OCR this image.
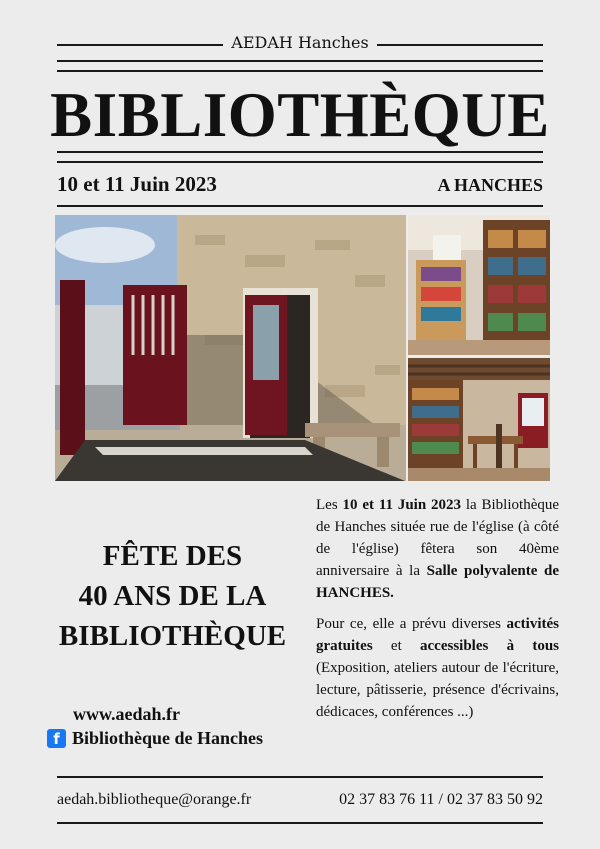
AEDAH Hanches
BIBLIOTHÈQUE
10 et 11 Juin 2023	A HANCHES
FÊTE DES
40 ANS DE LA
BIBLIOTHÈQUE

Les 10 et 11 Juin 2023 la Bibliothèque de Hanches située rue de l'église (à côté de l'église) fêtera son 40ème anniversaire à la Salle polyvalente de HANCHES.

Pour ce, elle a prévu diverses activités gratuites et accessibles à tous (Exposition, ateliers autour de l'écriture, lecture, pâtisserie, présence d'écrivains, dédicaces, conférences ...)

www.aedah.fr
f Bibliothèque de Hanches
aedah.bibliotheque@orange.fr	02 37 83 76 11 / 02 37 83 50 92
